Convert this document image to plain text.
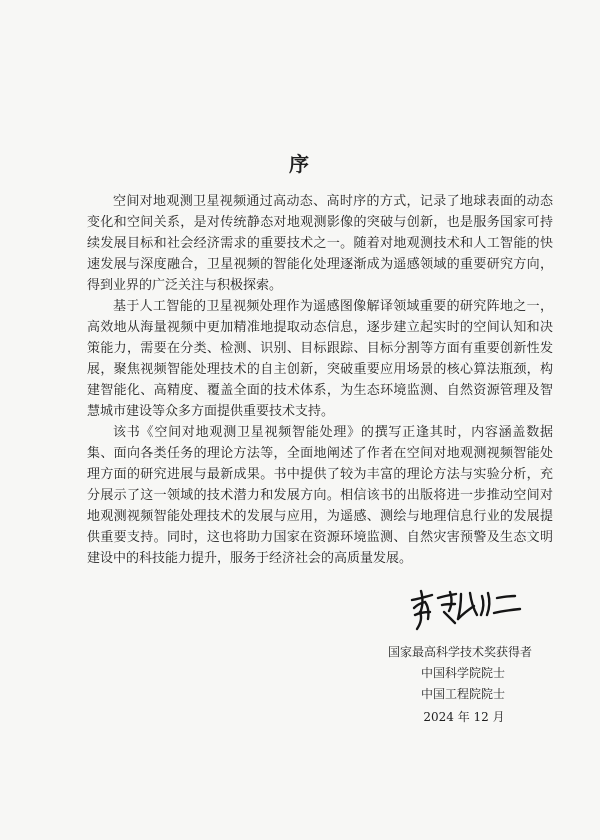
序

空间对地观测卫星视频通过高动态、高时序的方式，记录了地球表面的动态变化和空间关系，是对传统静态对地观测影像的突破与创新，也是服务国家可持续发展目标和社会经济需求的重要技术之一。随着对地观测技术和人工智能的快速发展与深度融合，卫星视频的智能化处理逐渐成为遥感领域的重要研究方向，得到业界的广泛关注与积极探索。

基于人工智能的卫星视频处理作为遥感图像解译领域重要的研究阵地之一，高效地从海量视频中更加精准地提取动态信息，逐步建立起实时的空间认知和决策能力，需要在分类、检测、识别、目标跟踪、目标分割等方面有重要创新性发展，聚焦视频智能处理技术的自主创新，突破重要应用场景的核心算法瓶颈，构建智能化、高精度、覆盖全面的技术体系，为生态环境监测、自然资源管理及智慧城市建设等众多方面提供重要技术支持。

该书《空间对地观测卫星视频智能处理》的撰写正逢其时，内容涵盖数据集、面向各类任务的理论方法等，全面地阐述了作者在空间对地观测视频智能处理方面的研究进展与最新成果。书中提供了较为丰富的理论方法与实验分析，充分展示了这一领域的技术潜力和发展方向。相信该书的出版将进一步推动空间对地观测视频智能处理技术的发展与应用，为遥感、测绘与地理信息行业的发展提供重要支持。同时，这也将助力国家在资源环境监测、自然灾害预警及生态文明建设中的科技能力提升，服务于经济社会的高质量发展。

国家最高科学技术奖获得者
中国科学院院士
中国工程院院士
2024 年 12 月
